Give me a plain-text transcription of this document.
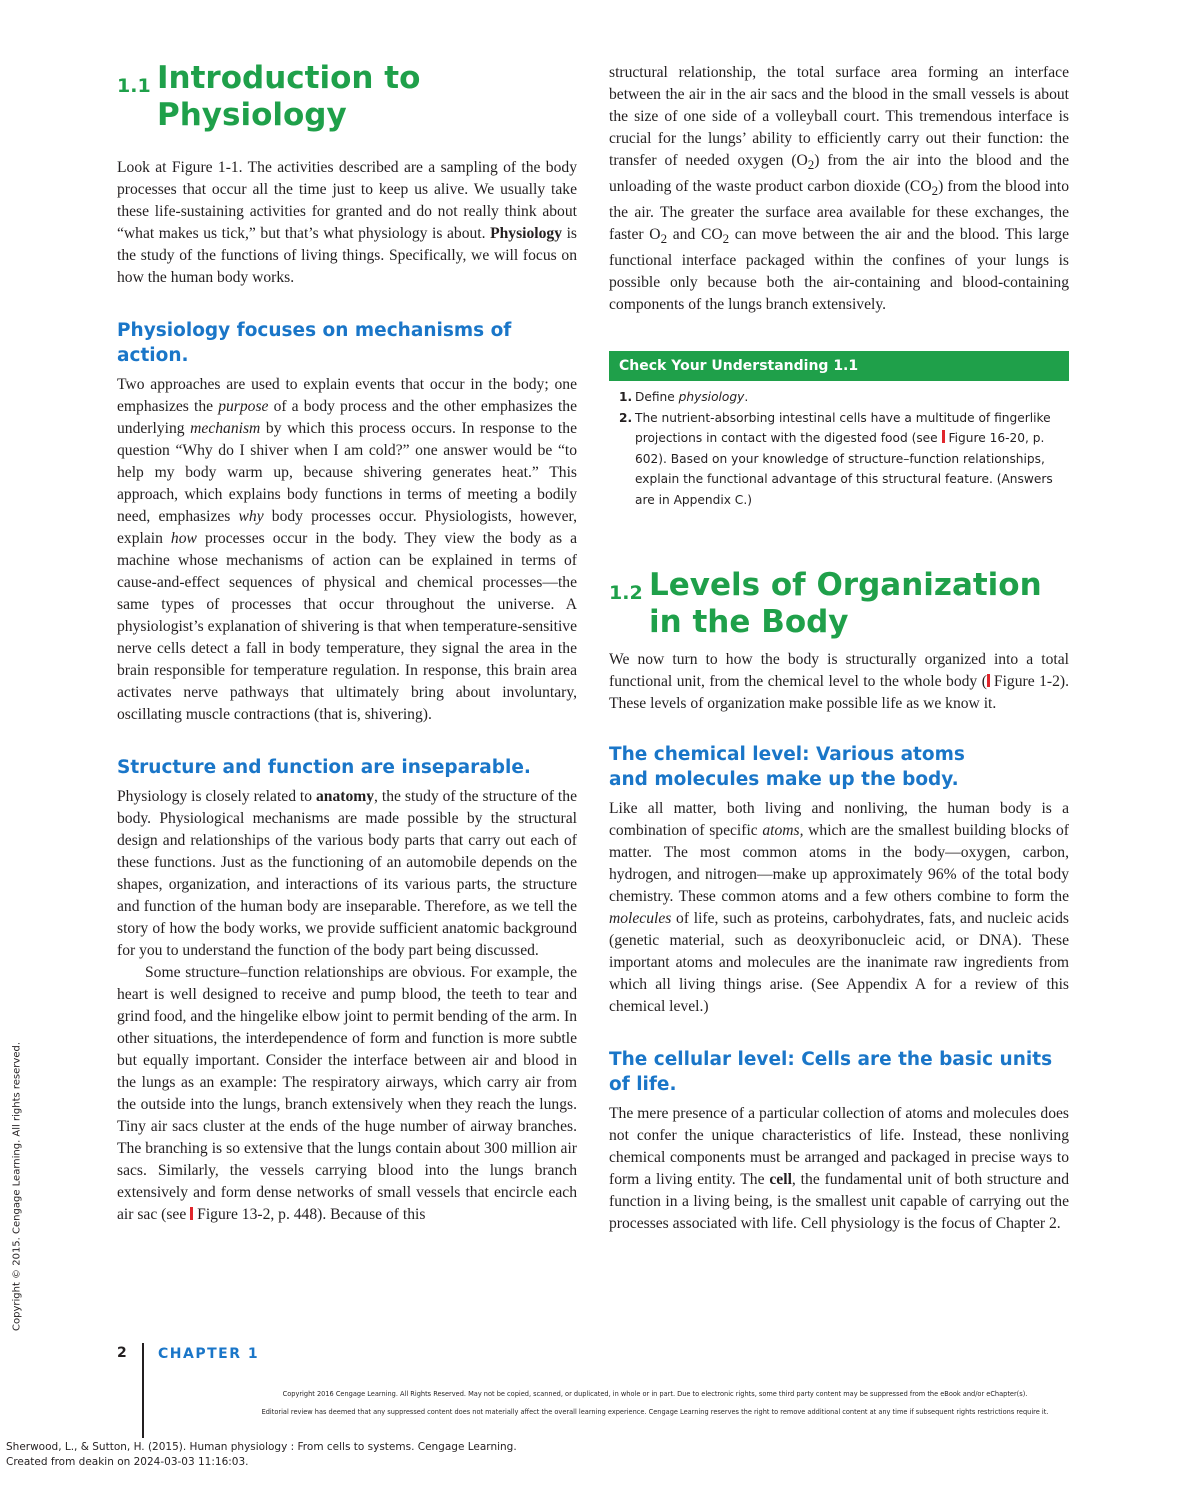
1.1 Introduction to
Physiology

Look at Figure 1-1. The activities described are a sampling of the body processes that occur all the time just to keep us alive. We usually take these life-sustaining activities for granted and do not really think about “what makes us tick,” but that’s what physiology is about. Physiology is the study of the functions of living things. Specifically, we will focus on how the human body works.

Physiology focuses on mechanisms of action.

Two approaches are used to explain events that occur in the body; one emphasizes the purpose of a body process and the other emphasizes the underlying mechanism by which this process occurs. In response to the question “Why do I shiver when I am cold?” one answer would be “to help my body warm up, because shivering generates heat.” This approach, which explains body functions in terms of meeting a bodily need, emphasizes why body processes occur. Physiologists, however, explain how processes occur in the body. They view the body as a machine whose mechanisms of action can be explained in terms of cause-and-effect sequences of physical and chemical processes—the same types of processes that occur throughout the universe. A physiologist’s explanation of shivering is that when temperature-sensitive nerve cells detect a fall in body temperature, they signal the area in the brain responsible for temperature regulation. In response, this brain area activates nerve pathways that ultimately bring about involuntary, oscillating muscle contractions (that is, shivering).

Structure and function are inseparable.

Physiology is closely related to anatomy, the study of the structure of the body. Physiological mechanisms are made possible by the structural design and relationships of the various body parts that carry out each of these functions. Just as the functioning of an automobile depends on the shapes, organization, and interactions of its various parts, the structure and function of the human body are inseparable. Therefore, as we tell the story of how the body works, we provide sufficient anatomic background for you to understand the function of the body part being discussed.

Some structure–function relationships are obvious. For example, the heart is well designed to receive and pump blood, the teeth to tear and grind food, and the hingelike elbow joint to permit bending of the arm. In other situations, the interdependence of form and function is more subtle but equally important. Consider the interface between air and blood in the lungs as an example: The respiratory airways, which carry air from the outside into the lungs, branch extensively when they reach the lungs. Tiny air sacs cluster at the ends of the huge number of airway branches. The branching is so extensive that the lungs contain about 300 million air sacs. Similarly, the vessels carrying blood into the lungs branch extensively and form dense networks of small vessels that encircle each air sac (see Figure 13-2, p. 448). Because of this

structural relationship, the total surface area forming an interface between the air in the air sacs and the blood in the small vessels is about the size of one side of a volleyball court. This tremendous interface is crucial for the lungs’ ability to efficiently carry out their function: the transfer of needed oxygen $(O_2)$ from the air into the blood and the unloading of the waste product carbon dioxide $(CO_2)$ from the blood into the air. The greater the surface area available for these exchanges, the faster $O_2$ and $CO_2$ can move between the air and the blood. This large functional interface packaged within the confines of your lungs is possible only because both the air-containing and blood-containing components of the lungs branch extensively.

Check Your Understanding 1.1
1. Define physiology.
2. The nutrient-absorbing intestinal cells have a multitude of fingerlike projections in contact with the digested food (see Figure 16-20, p. 602). Based on your knowledge of structure–function relationships, explain the functional advantage of this structural feature. (Answers are in Appendix C.)
1.2 Levels of Organization
in the Body

We now turn to how the body is structurally organized into a total functional unit, from the chemical level to the whole body ( Figure 1-2). These levels of organization make possible life as we know it.

The chemical level: Various atoms
and molecules make up the body.

Like all matter, both living and nonliving, the human body is a combination of specific atoms, which are the smallest building blocks of matter. The most common atoms in the body—oxygen, carbon, hydrogen, and nitrogen—make up approximately 96% of the total body chemistry. These common atoms and a few others combine to form the molecules of life, such as proteins, carbohydrates, fats, and nucleic acids (genetic material, such as deoxyribonucleic acid, or DNA). These important atoms and molecules are the inanimate raw ingredients from which all living things arise. (See Appendix A for a review of this chemical level.)

The cellular level: Cells are the basic units
of life.

The mere presence of a particular collection of atoms and molecules does not confer the unique characteristics of life. Instead, these nonliving chemical components must be arranged and packaged in precise ways to form a living entity. The cell, the fundamental unit of both structure and function in a living being, is the smallest unit capable of carrying out the processes associated with life. Cell physiology is the focus of Chapter 2.

2 CHAPTER 1
Copyright 2016 Cengage Learning. All Rights Reserved. May not be copied, scanned, or duplicated, in whole or in part. Due to electronic rights, some third party content may be suppressed from the eBook and/or eChapter(s).
Editorial review has deemed that any suppressed content does not materially affect the overall learning experience. Cengage Learning reserves the right to remove additional content at any time if subsequent rights restrictions require it.
Copyright © 2015. Cengage Learning. All rights reserved.
Sherwood, L., & Sutton, H. (2015). Human physiology : From cells to systems. Cengage Learning.
Created from deakin on 2024-03-03 11:16:03.
